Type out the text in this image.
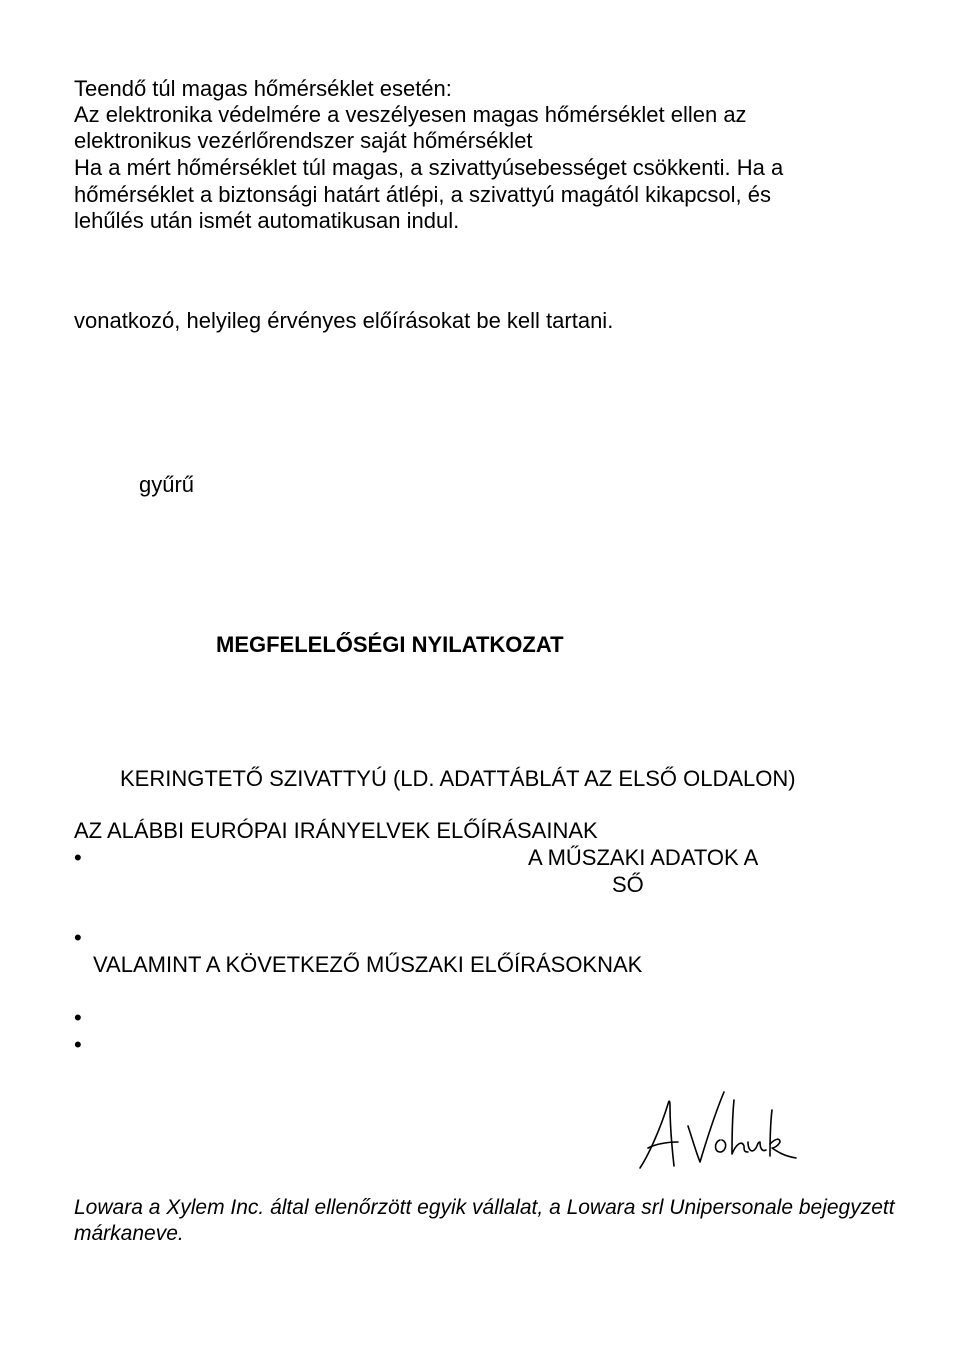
Teendő túl magas hőmérséklet esetén:
Az elektronika védelmére a veszélyesen magas hőmérséklet ellen az
elektronikus vezérlőrendszer saját hőmérséklet
Ha a mért hőmérséklet túl magas, a szivattyúsebességet csökkenti. Ha a
hőmérséklet a biztonsági határt átlépi, a szivattyú magától kikapcsol, és
lehűlés után ismét automatikusan indul.
vonatkozó, helyileg érvényes előírásokat be kell tartani.
gyűrű
MEGFELELŐSÉGI NYILATKOZAT
KERINGTETŐ SZIVATTYÚ (LD. ADATTÁBLÁT AZ ELSŐ OLDALON)
AZ ALÁBBI EURÓPAI IRÁNYELVEK ELŐÍRÁSAINAK
•	A MŰSZAKI ADATOK A
SŐ
•
VALAMINT A KÖVETKEZŐ MŰSZAKI ELŐÍRÁSOKNAK
•
•
Lowara a Xylem Inc. által ellenőrzött egyik vállalat, a Lowara srl Unipersonale bejegyzett
márkaneve.
